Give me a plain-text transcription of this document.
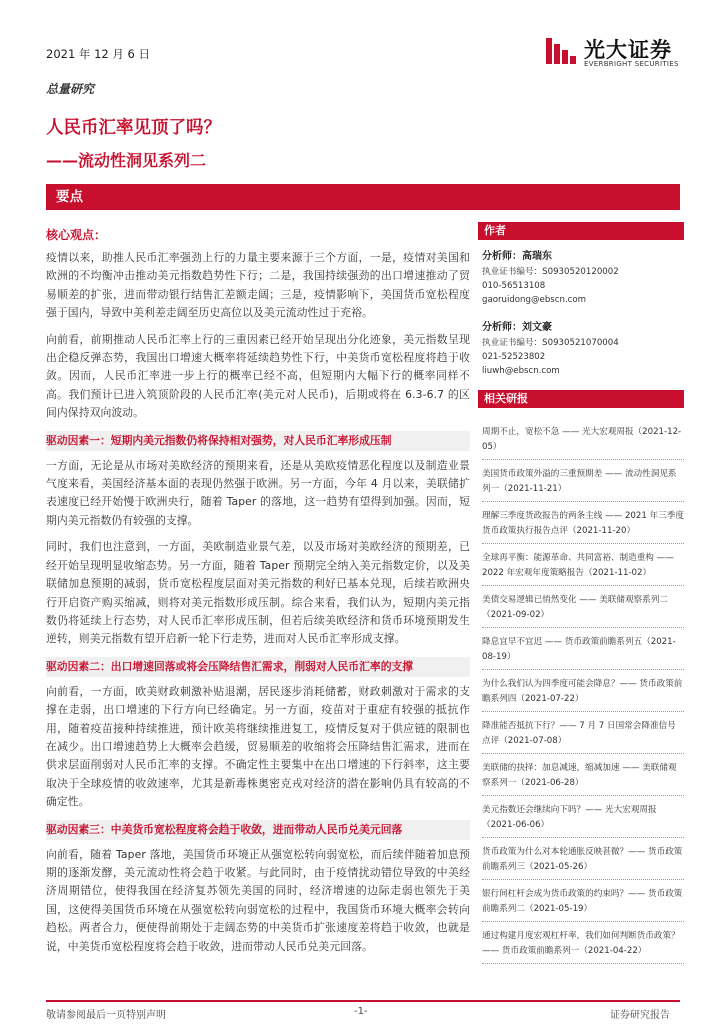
2021 年 12 月 6 日	光大证券
EVERBRIGHT SECURITIES
总量研究
人民币汇率见顶了吗？
——流动性洞见系列二
要点
核心观点：

疫情以来，助推人民币汇率强劲上行的力量主要来源于三个方面，一是，疫情对美国和欧洲的不均衡冲击推动美元指数趋势性下行；二是，我国持续强劲的出口增速推动了贸易顺差的扩张，进而带动银行结售汇差额走阔；三是，疫情影响下，美国货币宽松程度强于国内，导致中美利差走阔至历史高位以及美元流动性过于充裕。

向前看，前期推动人民币汇率上行的三重因素已经开始呈现出分化迹象，美元指数呈现出企稳反弹态势，我国出口增速大概率将延续趋势性下行，中美货币宽松程度将趋于收敛。因而，人民币汇率进一步上行的概率已经不高，但短期内大幅下行的概率同样不高。我们预计已进入筑顶阶段的人民币汇率(美元对人民币)，后期或将在 6.3-6.7 的区间内保持双向波动。

驱动因素一：短期内美元指数仍将保持相对强势，对人民币汇率形成压制

一方面，无论是从市场对美欧经济的预期来看，还是从美欧疫情恶化程度以及制造业景气度来看，美国经济基本面的表现仍然强于欧洲。另一方面，今年 4 月以来，美联储扩表速度已经开始慢于欧洲央行，随着 Taper 的落地，这一趋势有望得到加强。因而，短期内美元指数仍有较强的支撑。

同时，我们也注意到，一方面，美欧制造业景气差，以及市场对美欧经济的预期差，已经开始呈现明显收缩态势。另一方面，随着 Taper 预期完全纳入美元指数定价，以及美联储加息预期的减弱，货币宽松程度层面对美元指数的利好已基本兑现，后续若欧洲央行开启资产购买缩减，则将对美元指数形成压制。综合来看，我们认为，短期内美元指数仍将延续上行态势，对人民币汇率形成压制，但若后续美欧经济和货币环境预期发生逆转，则美元指数有望开启新一轮下行走势，进而对人民币汇率形成支撑。

驱动因素二：出口增速回落或将会压降结售汇需求，削弱对人民币汇率的支撑

向前看，一方面，欧美财政刺激补贴退潮，居民逐步消耗储蓄，财政刺激对于需求的支撑在走弱，出口增速的下行方向已经确定。另一方面，疫苗对于重症有较强的抵抗作用，随着疫苗接种持续推进，预计欧美将继续推进复工，疫情反复对于供应链的限制也在减少。出口增速趋势上大概率会趋缓，贸易顺差的收缩将会压降结售汇需求，进而在供求层面削弱对人民币汇率的支撑。不确定性主要集中在出口增速的下行斜率，这主要取决于全球疫情的收敛速率，尤其是新毒株奥密克戎对经济的潜在影响仍具有较高的不确定性。

驱动因素三：中美货币宽松程度将会趋于收敛，进而带动人民币兑美元回落

向前看，随着 Taper 落地，美国货币环境正从强宽松转向弱宽松，而后续伴随着加息预期的逐渐发酵，美元流动性将会趋于收紧。与此同时，由于疫情扰动错位导致的中美经济周期错位，使得我国在经济复苏领先美国的同时，经济增速的边际走弱也领先于美国，这使得美国货币环境在从强宽松转向弱宽松的过程中，我国货币环境大概率会转向趋松。两者合力，便使得前期处于走阔态势的中美货币扩张速度差将趋于收敛，也就是说，中美货币宽松程度将会趋于收敛，进而带动人民币兑美元回落。

作者
分析师：高瑞东
执业证书编号：S0930520120002
010-56513108
gaoruidong@ebscn.com
分析师：刘文豪
执业证书编号：S0930521070004
021-52523802
liuwh@ebscn.com
相关研报
周期不止，宽松不急 —— 光大宏观周报（2021-12-05）
美国货币政策外溢的三重预期差 —— 流动性洞见系列一（2021-11-21）
理解三季度货政报告的两条主线 —— 2021 年三季度货币政策执行报告点评（2021-11-20）
全球再平衡：能源革命、共同富裕、制造重构 —— 2022 年宏观年度策略报告（2021-11-02）
美债交易逻辑已悄然变化 —— 美联储观察系列二（2021-09-02）
降息宜早不宜迟 —— 货币政策前瞻系列五（2021-08-19）
为什么我们认为四季度可能会降息？—— 货币政策前瞻系列四（2021-07-22）
降准能否抵抗下行？—— 7 月 7 日国常会降准信号点评（2021-07-08）
美联储的抉择：加息减速，缩减加速 —— 美联储观察系列一（2021-06-28）
美元指数还会继续向下吗？—— 光大宏观周报（2021-06-06）
货币政策为什么对本轮通胀反映甚微？—— 货币政策前瞻系列三（2021-05-26）
银行间杠杆会成为货币政策的约束吗？—— 货币政策前瞻系列二（2021-05-19）
通过构建月度宏观杠杆率，我们如何判断货币政策？—— 货币政策前瞻系列一（2021-04-22）
敬请参阅最后一页特别声明	-1-	证券研究报告
